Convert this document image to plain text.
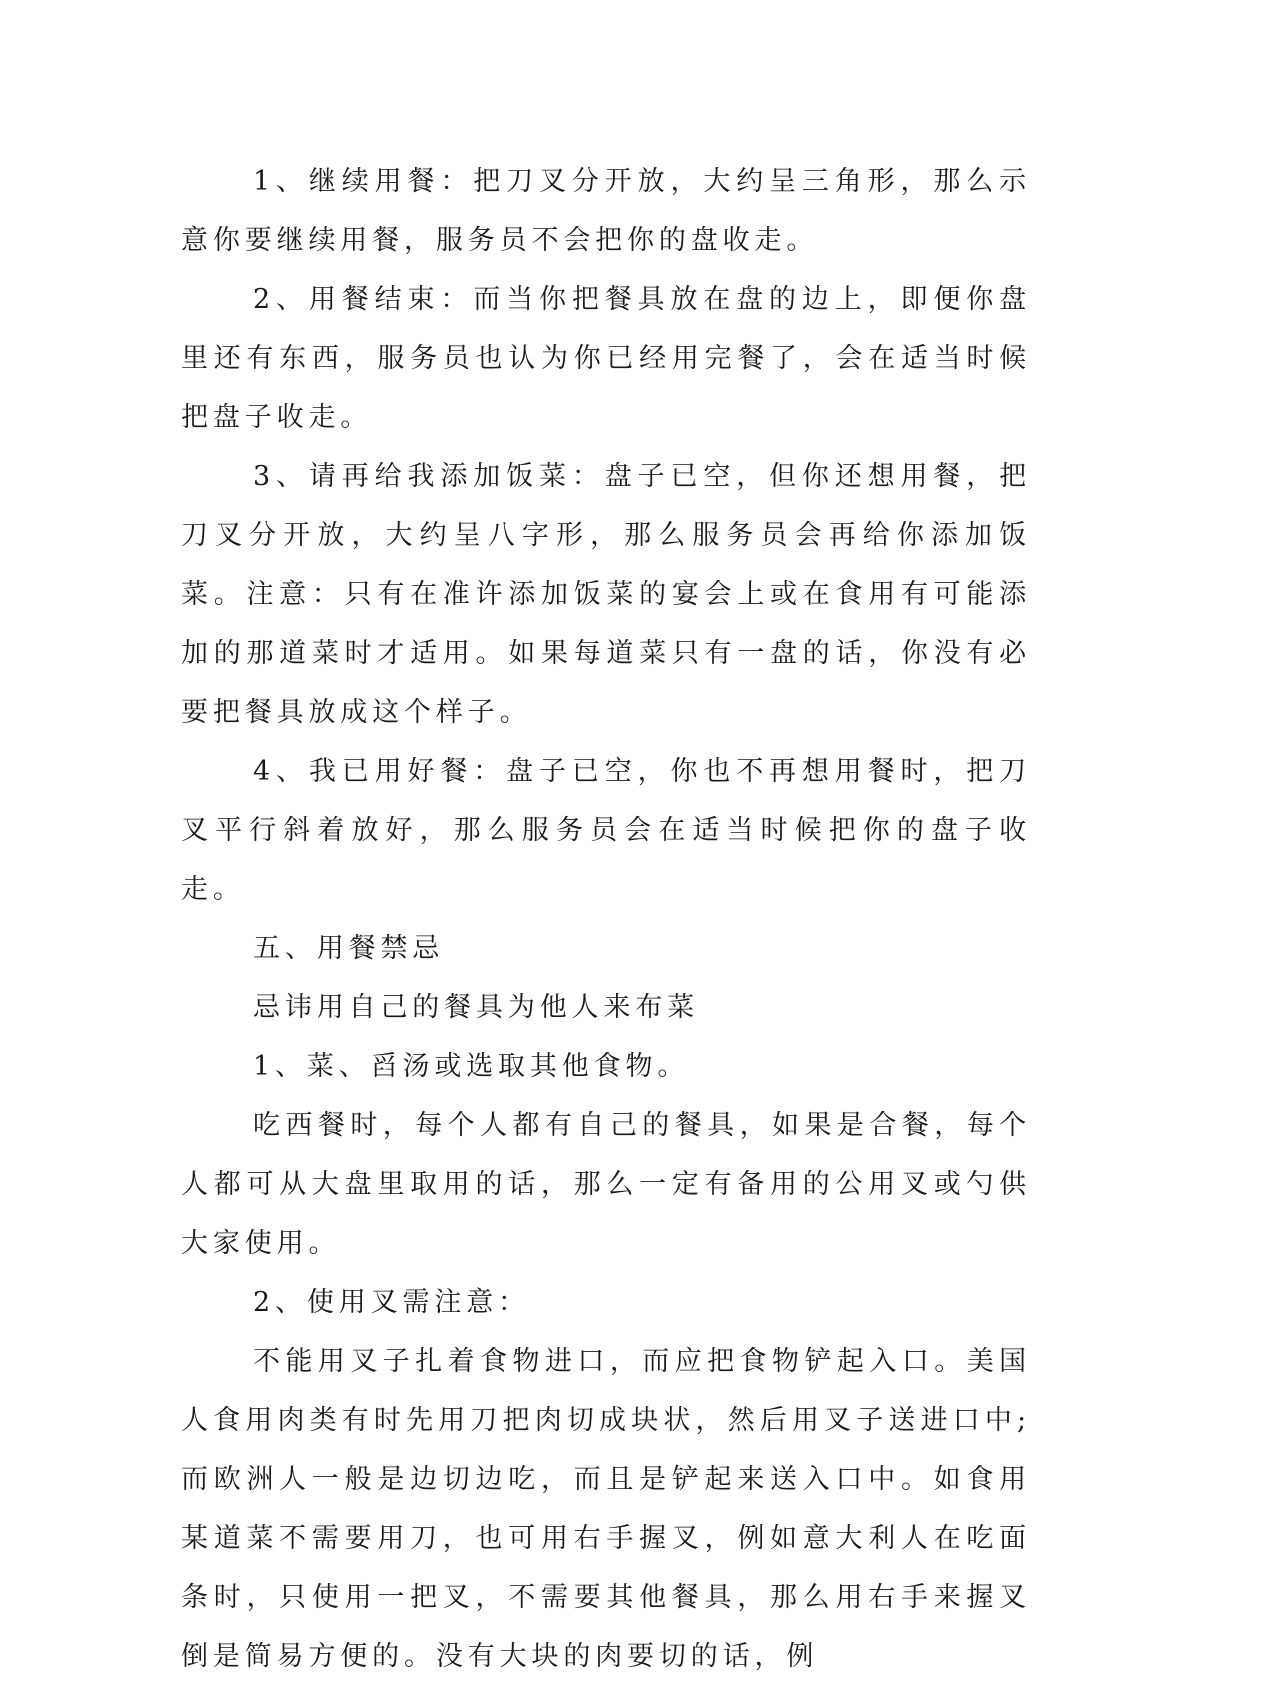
1、继续用餐：把刀叉分开放，大约呈三角形，那么示意你要继续用餐，服务员不会把你的盘收走。

2、用餐结束：而当你把餐具放在盘的边上，即便你盘里还有东西，服务员也认为你已经用完餐了，会在适当时候把盘子收走。

3、请再给我添加饭菜：盘子已空，但你还想用餐，把刀叉分开放，大约呈八字形，那么服务员会再给你添加饭菜。注意：只有在准许添加饭菜的宴会上或在食用有可能添加的那道菜时才适用。如果每道菜只有一盘的话，你没有必要把餐具放成这个样子。

4、我已用好餐：盘子已空，你也不再想用餐时，把刀叉平行斜着放好，那么服务员会在适当时候把你的盘子收走。

五、用餐禁忌

忌讳用自己的餐具为他人来布菜

1、菜、舀汤或选取其他食物。

吃西餐时，每个人都有自己的餐具，如果是合餐，每个人都可从大盘里取用的话，那么一定有备用的公用叉或勺供大家使用。

2、使用叉需注意：

不能用叉子扎着食物进口，而应把食物铲起入口。美国人食用肉类有时先用刀把肉切成块状，然后用叉子送进口中;而欧洲人一般是边切边吃，而且是铲起来送入口中。如食用某道菜不需要用刀，也可用右手握叉，例如意大利人在吃面条时，只使用一把叉，不需要其他餐具，那么用右手来握叉倒是简易方便的。没有大块的肉要切的话，例
